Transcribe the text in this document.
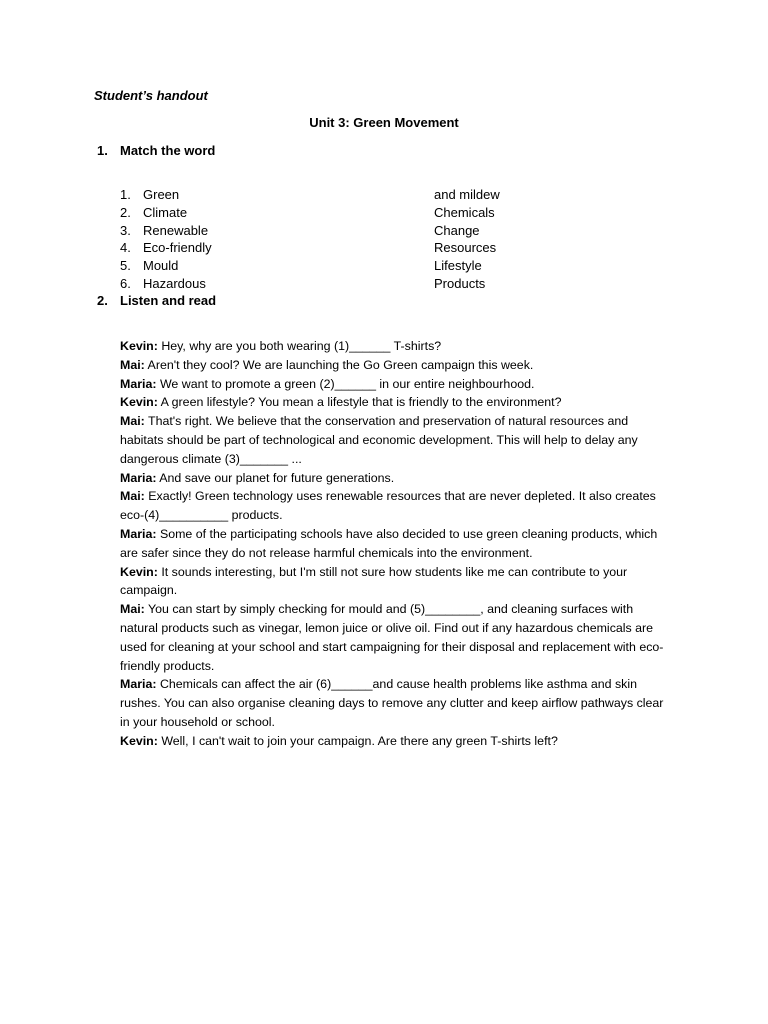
Student’s handout
Unit 3: Green Movement
1. Match the word
1. Green
2. Climate
3. Renewable
4. Eco-friendly
5. Mould
6. Hazardous
and mildew
Chemicals
Change
Resources
Lifestyle
Products
2. Listen and read

Kevin: Hey, why are you both wearing (1)______ T-shirts?

Mai: Aren't they cool? We are launching the Go Green campaign this week.

Maria: We want to promote a green (2)______ in our entire neighbourhood.

Kevin: A green lifestyle? You mean a lifestyle that is friendly to the environment?

Mai: That's right. We believe that the conservation and preservation of natural resources and habitats should be part of technological and economic development. This will help to delay any dangerous climate (3)_______ ...

Maria: And save our planet for future generations.

Mai: Exactly! Green technology uses renewable resources that are never depleted. It also creates eco-(4)__________ products.

Maria: Some of the participating schools have also decided to use green cleaning products, which are safer since they do not release harmful chemicals into the environment.

Kevin: It sounds interesting, but I'm still not sure how students like me can contribute to your campaign.

Mai: You can start by simply checking for mould and (5)________, and cleaning surfaces with natural products such as vinegar, lemon juice or olive oil. Find out if any hazardous chemicals are used for cleaning at your school and start campaigning for their disposal and replacement with eco-friendly products.

Maria: Chemicals can affect the air (6)______and cause health problems like asthma and skin rushes. You can also organise cleaning days to remove any clutter and keep airflow pathways clear in your household or school.

Kevin: Well, I can't wait to join your campaign. Are there any green T-shirts left?
